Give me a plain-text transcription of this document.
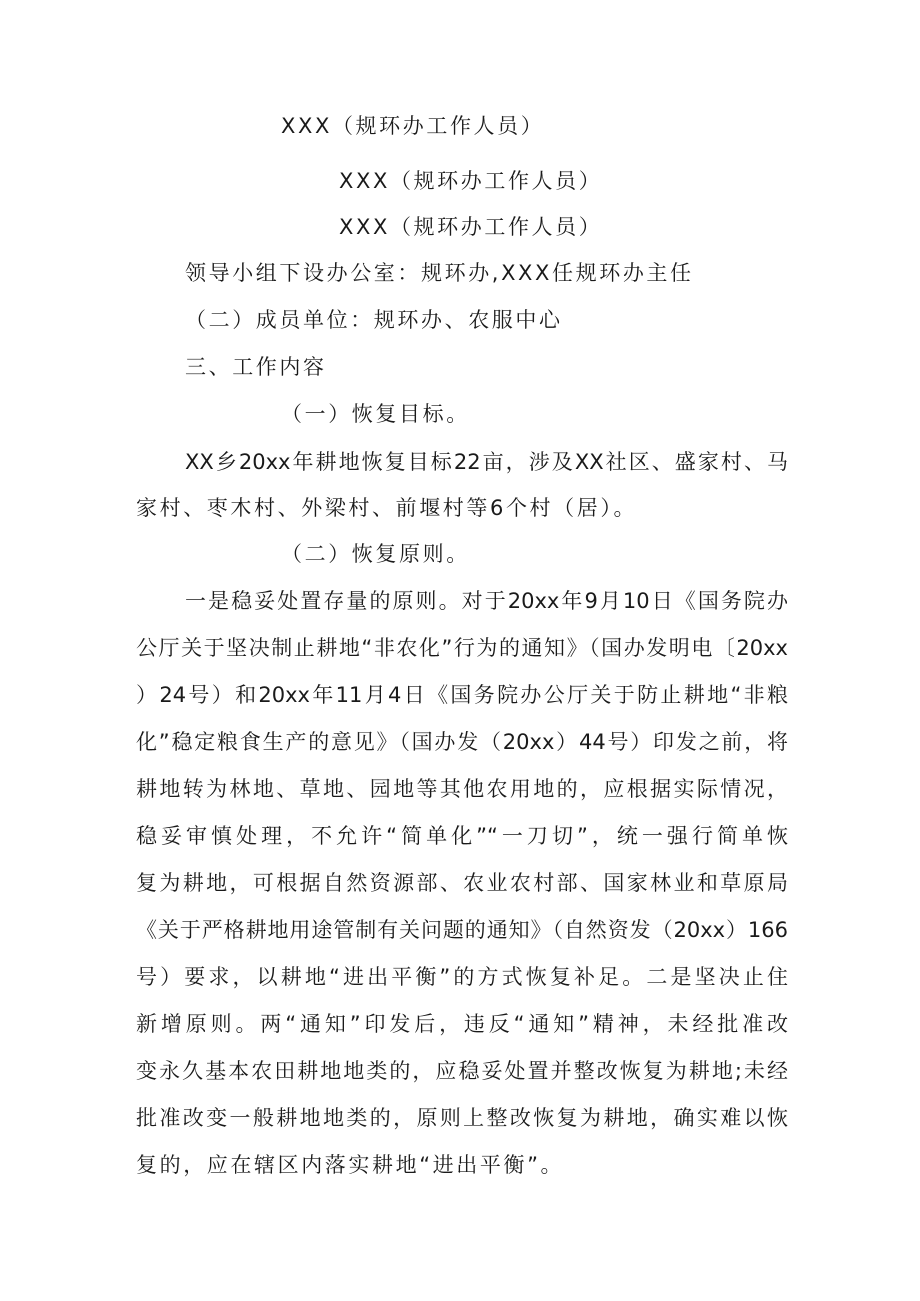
XXX（规环办工作人员）
XXX（规环办工作人员）
XXX（规环办工作人员）
领导小组下设办公室：规环办,XXX任规环办主任
（二）成员单位：规环办、农服中心
三、工作内容
（一）恢复目标。
XX乡20xx年耕地恢复目标22亩，涉及XX社区、盛家村、马
家村、枣木村、外梁村、前堰村等6个村（居）。
（二）恢复原则。
一是稳妥处置存量的原则。对于20xx年9月10日《国务院办
公厅关于坚决制止耕地“非农化”行为的通知》（国办发明电〔20xx
）24号）和20xx年11月4日《国务院办公厅关于防止耕地“非粮
化”稳定粮食生产的意见》（国办发（20xx）44号）印发之前，将
耕地转为林地、草地、园地等其他农用地的，应根据实际情况，
稳妥审慎处理，不允许“简单化”“一刀切”，统一强行简单恢
复为耕地，可根据自然资源部、农业农村部、国家林业和草原局
《关于严格耕地用途管制有关问题的通知》（自然资发（20xx）166
号）要求，以耕地“进出平衡”的方式恢复补足。二是坚决止住
新增原则。两“通知”印发后，违反“通知”精神，未经批准改
变永久基本农田耕地地类的，应稳妥处置并整改恢复为耕地;未经
批准改变一般耕地地类的，原则上整改恢复为耕地，确实难以恢
复的，应在辖区内落实耕地“进出平衡”。
